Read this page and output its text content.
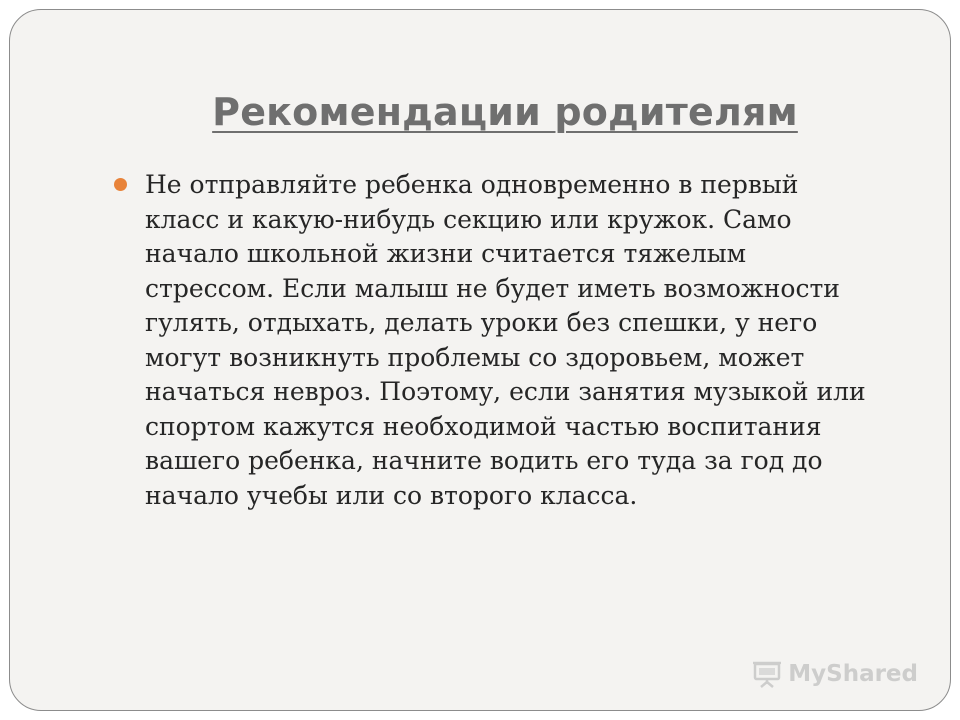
Рекомендации родителям
Не отправляйте ребенка одновременно в первый класс и какую-нибудь секцию или кружок. Само начало школьной жизни считается тяжелым стрессом. Если малыш не будет иметь возможности гулять, отдыхать, делать уроки без спешки, у него могут возникнуть проблемы со здоровьем, может начаться невроз. Поэтому, если занятия музыкой или спортом кажутся необходимой частью воспитания вашего ребенка, начните водить его туда за год до начало учебы или со второго класса.
MyShared
